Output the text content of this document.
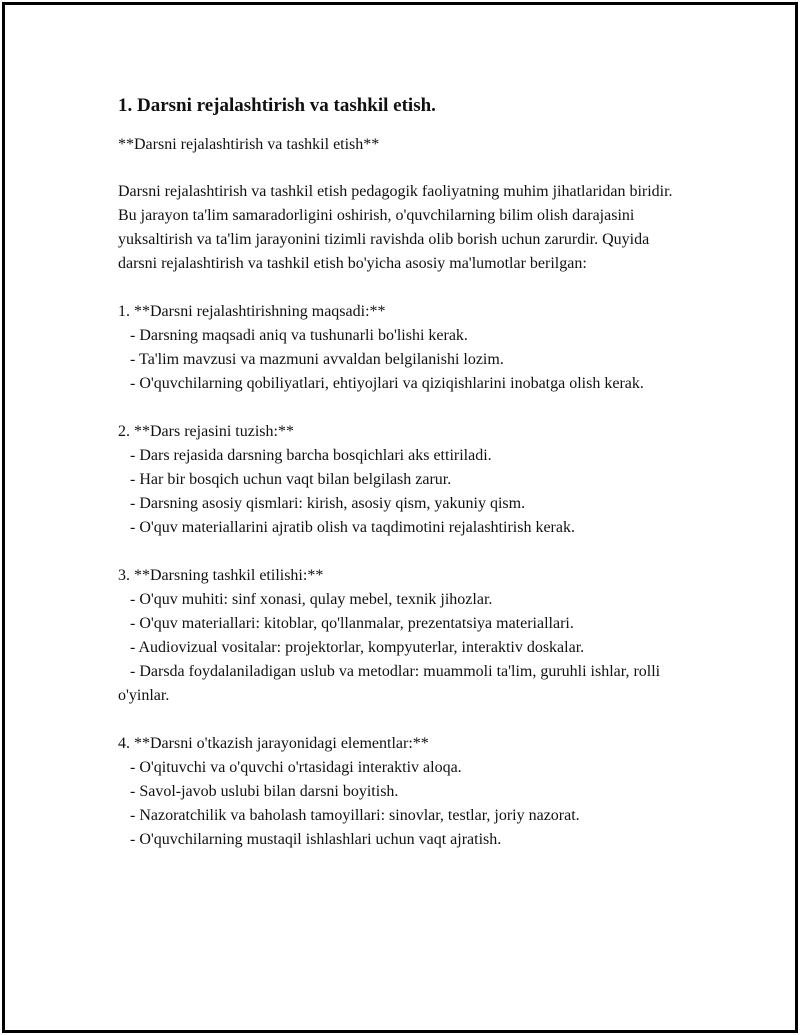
1. Darsni rejalashtirish va tashkil etish.

**Darsni rejalashtirish va tashkil etish**

Darsni rejalashtirish va tashkil etish pedagogik faoliyatning muhim jihatlaridan biridir. Bu jarayon ta'lim samaradorligini oshirish, o'quvchilarning bilim olish darajasini yuksaltirish va ta'lim jarayonini tizimli ravishda olib borish uchun zarurdir. Quyida darsni rejalashtirish va tashkil etish bo'yicha asosiy ma'lumotlar berilgan:

1. **Darsni rejalashtirishning maqsadi:**

- Darsning maqsadi aniq va tushunarli bo'lishi kerak.

- Ta'lim mavzusi va mazmuni avvaldan belgilanishi lozim.

- O'quvchilarning qobiliyatlari, ehtiyojlari va qiziqishlarini inobatga olish kerak.

2. **Dars rejasini tuzish:**

- Dars rejasida darsning barcha bosqichlari aks ettiriladi.

- Har bir bosqich uchun vaqt bilan belgilash zarur.

- Darsning asosiy qismlari: kirish, asosiy qism, yakuniy qism.

- O'quv materiallarini ajratib olish va taqdimotini rejalashtirish kerak.

3. **Darsning tashkil etilishi:**

- O'quv muhiti: sinf xonasi, qulay mebel, texnik jihozlar.

- O'quv materiallari: kitoblar, qo'llanmalar, prezentatsiya materiallari.

- Audiovizual vositalar: projektorlar, kompyuterlar, interaktiv doskalar.

- Darsda foydalaniladigan uslub va metodlar: muammoli ta'lim, guruhli ishlar, rolli o'yinlar.

4. **Darsni o'tkazish jarayonidagi elementlar:**

- O'qituvchi va o'quvchi o'rtasidagi interaktiv aloqa.

- Savol-javob uslubi bilan darsni boyitish.

- Nazoratchilik va baholash tamoyillari: sinovlar, testlar, joriy nazorat.

- O'quvchilarning mustaqil ishlashlari uchun vaqt ajratish.
